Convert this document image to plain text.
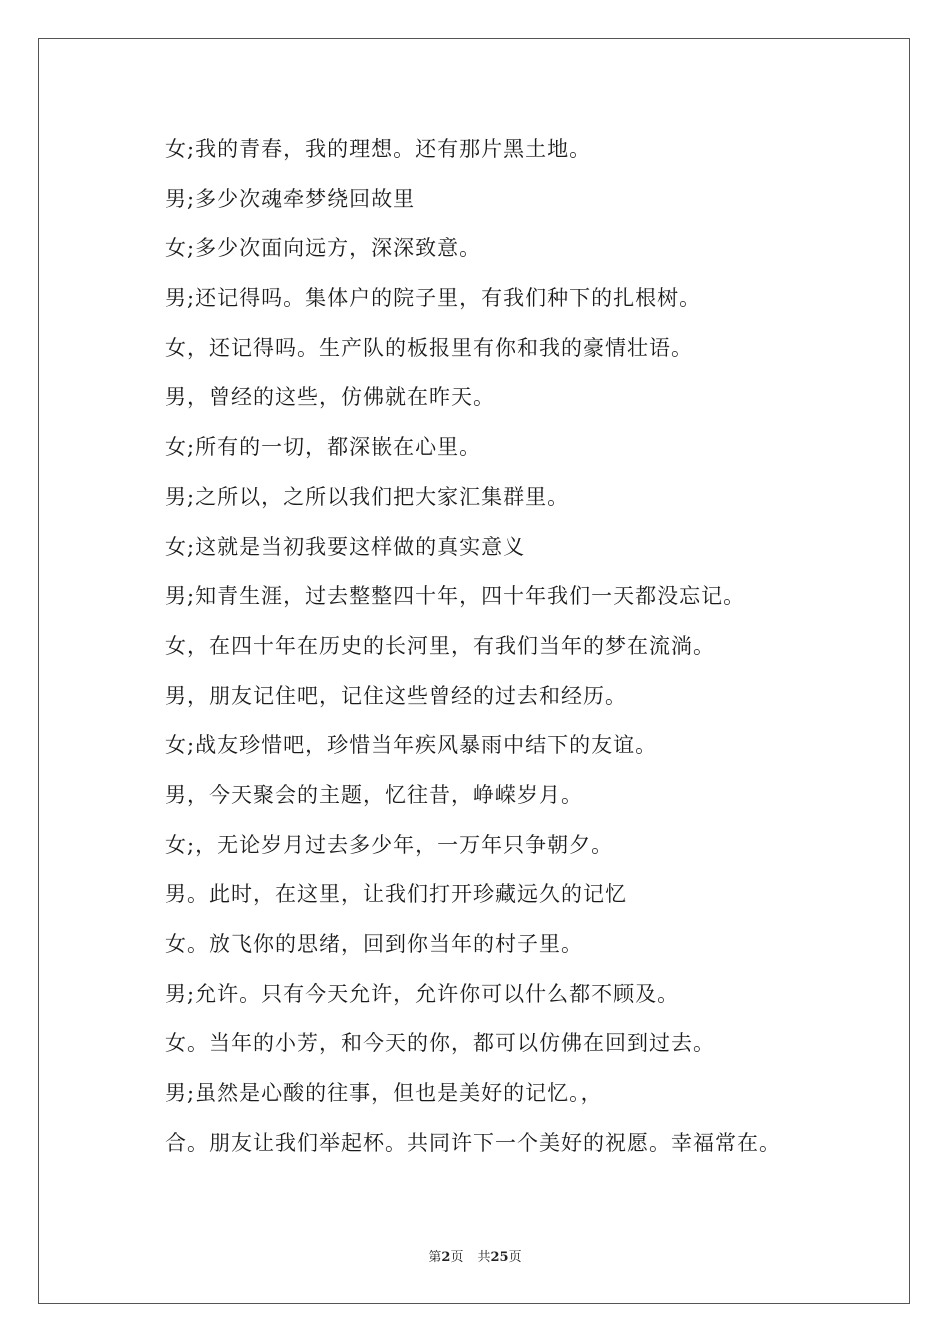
女;我的青春，我的理想。还有那片黑土地。
男;多少次魂牵梦绕回故里
女;多少次面向远方，深深致意。
男;还记得吗。集体户的院子里，有我们种下的扎根树。
女，还记得吗。生产队的板报里有你和我的豪情壮语。
男，曾经的这些，仿佛就在昨天。
女;所有的一切，都深嵌在心里。
男;之所以，之所以我们把大家汇集群里。
女;这就是当初我要这样做的真实意义
男;知青生涯，过去整整四十年，四十年我们一天都没忘记。
女，在四十年在历史的长河里，有我们当年的梦在流淌。
男，朋友记住吧，记住这些曾经的过去和经历。
女;战友珍惜吧，珍惜当年疾风暴雨中结下的友谊。
男，今天聚会的主题，忆往昔，峥嵘岁月。
女;，无论岁月过去多少年，一万年只争朝夕。
男。此时，在这里，让我们打开珍藏远久的记忆
女。放飞你的思绪，回到你当年的村子里。
男;允许。只有今天允许，允许你可以什么都不顾及。
女。当年的小芳，和今天的你，都可以仿佛在回到过去。
男;虽然是心酸的往事，但也是美好的记忆。，
合。朋友让我们举起杯。共同许下一个美好的祝愿。幸福常在。
第2页 共25页
